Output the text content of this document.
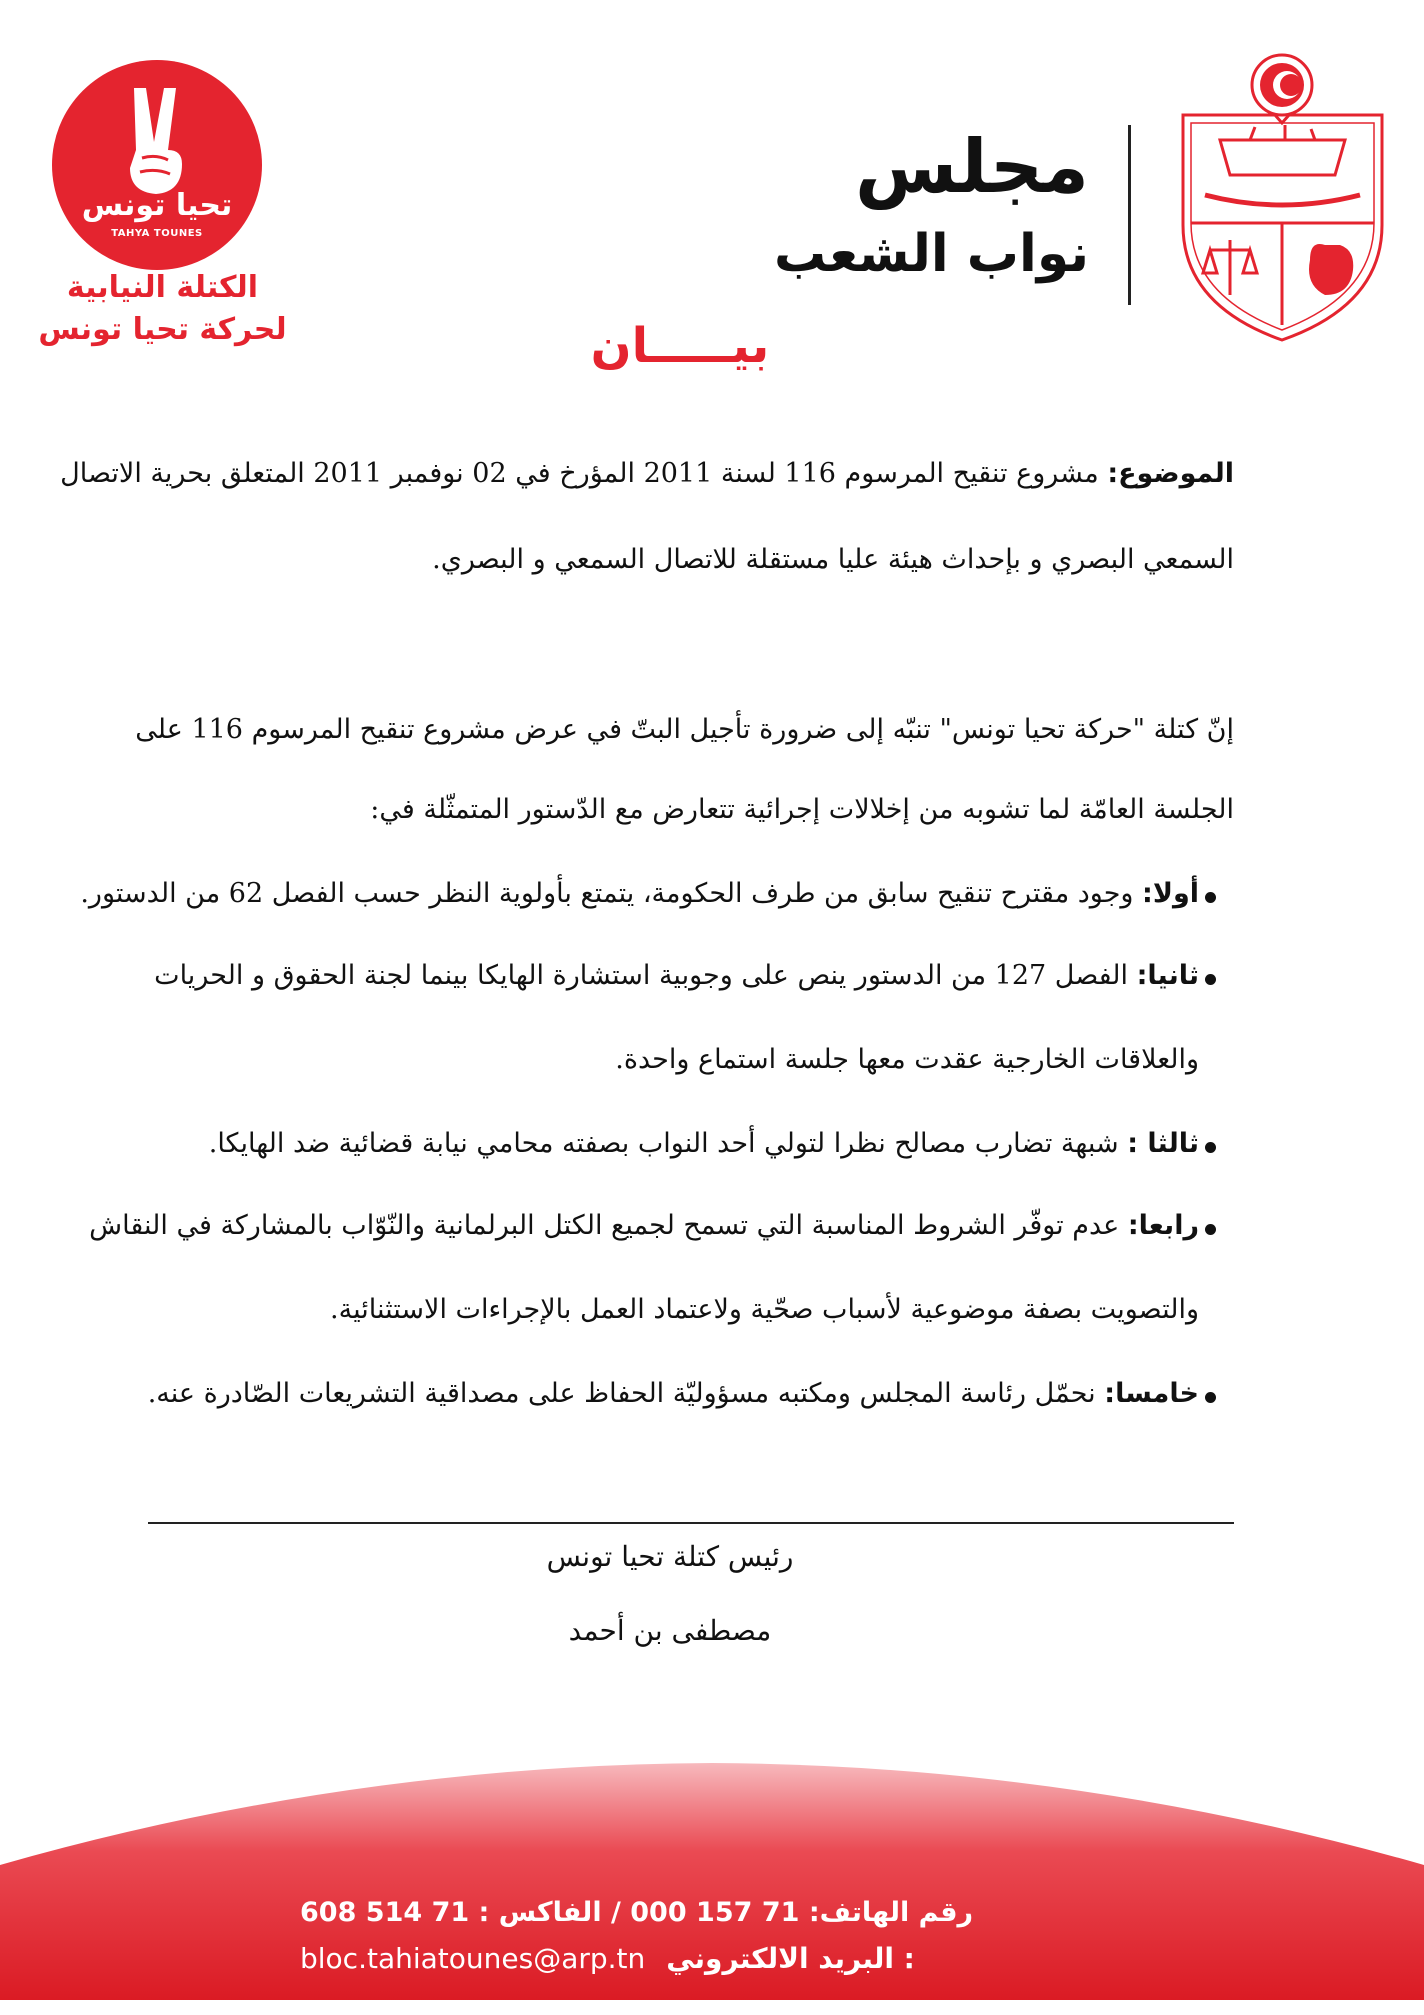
تحيا تونس
TAHYA TOUNES
الكتلة النيابية
لحركة تحيا تونس
مجلس
نواب الشعب
بيـــــان
الموضوع: مشروع تنقيح المرسوم 116 لسنة 2011 المؤرخ في 02 نوفمبر 2011 المتعلق بحرية الاتصال
السمعي البصري و بإحداث هيئة عليا مستقلة للاتصال السمعي و البصري.
إنّ كتلة "حركة تحيا تونس" تنبّه إلى ضرورة تأجيل البتّ في عرض مشروع تنقيح المرسوم 116 على
الجلسة العامّة لما تشوبه من إخلالات إجرائية تتعارض مع الدّستور المتمثّلة في:
أولا: وجود مقترح تنقيح سابق من طرف الحكومة، يتمتع بأولوية النظر حسب الفصل 62 من الدستور.
ثانيا: الفصل 127 من الدستور ينص على وجوبية استشارة الهايكا بينما لجنة الحقوق و الحريات
والعلاقات الخارجية عقدت معها جلسة استماع واحدة.
ثالثا : شبهة تضارب مصالح نظرا لتولي أحد النواب بصفته محامي نيابة قضائية ضد الهايكا.
رابعا: عدم توفّر الشروط المناسبة التي تسمح لجميع الكتل البرلمانية والنّوّاب بالمشاركة في النقاش
والتصويت بصفة موضوعية لأسباب صحّية ولاعتماد العمل بالإجراءات الاستثنائية.
خامسا: نحمّل رئاسة المجلس ومكتبه مسؤوليّة الحفاظ على مصداقية التشريعات الصّادرة عنه.
رئيس كتلة تحيا تونس
مصطفى بن أحمد
رقم الهاتف: 71 157 000 / الفاكس : 71 514 608
bloc.tahiatounes@arp.tn البريد الالكتروني :
